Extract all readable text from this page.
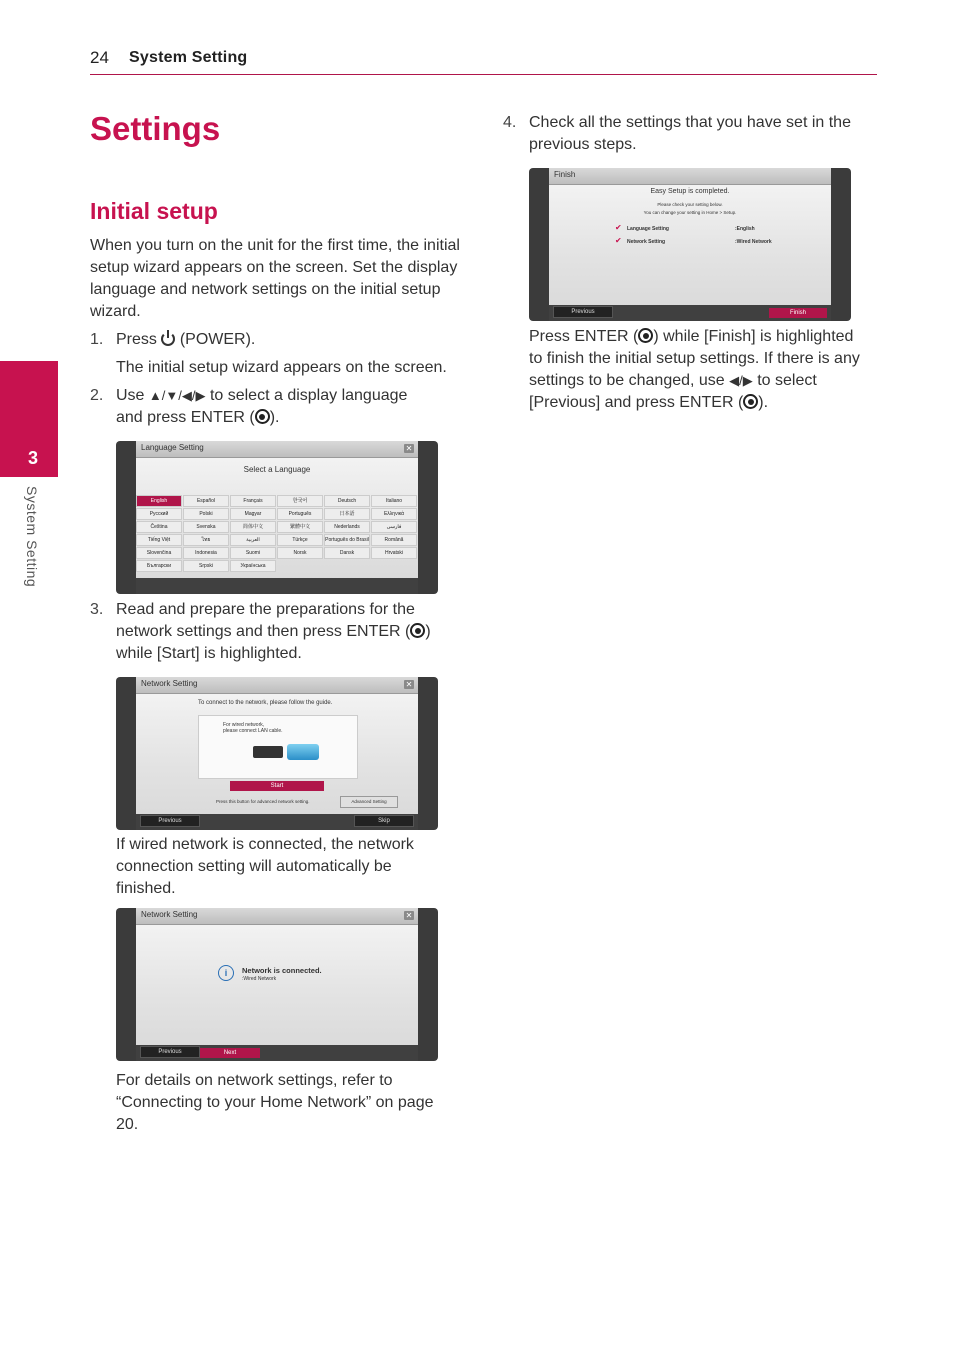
24 System Setting
3
System Setting
Settings
Initial setup
When you turn on the unit for the first time, the initial setup wizard appears on the screen. Set the display language and network settings on the initial setup wizard.
1. Press (POWER).
The initial setup wizard appears on the screen.
2. Use ▲/▼/◀/▶ to select a display language
and press ENTER ( ).
Language Setting	✕
Select a Language
English	Español	Français	한국어	Deutsch	Italiano
Русский	Polski	Magyar	Português	日本語	Ελληνικά
Čeština	Svenska	简体中文	繁體中文	Nederlands	فارسی
Tiếng Việt	ไทย	العربية	Türkçe	Português do Brasil	Română
Slovenčina	Indonesia	Suomi	Norsk	Dansk	Hrvatski
Български	Srpski	Українська
3. Read and prepare the preparations for the
network settings and then press ENTER ( )
while [Start] is highlighted.
Network Setting	✕
To connect to the network, please follow the guide.
For wired network,
please connect LAN cable.
Start
Press this button for advanced network setting.	Advanced Setting
Previous	Skip
If wired network is connected, the network connection setting will automatically be finished.
Network Setting	✕
i	Network is connected.
:Wired Network
Previous	Next
For details on network settings, refer to “Connecting to your Home Network” on page 20.
4. Check all the settings that you have set in the previous steps.
Finish
Easy Setup is completed.
Please check your setting below.
You can change your setting in Home > Setup.
✔ Language Setting	:English
✔ Network Setting	:Wired Network
Previous	Finish
Press ENTER ( ) while [Finish] is highlighted
to finish the initial setup settings. If there is any
settings to be changed, use ◀/▶ to select
[Previous] and press ENTER ( ).
